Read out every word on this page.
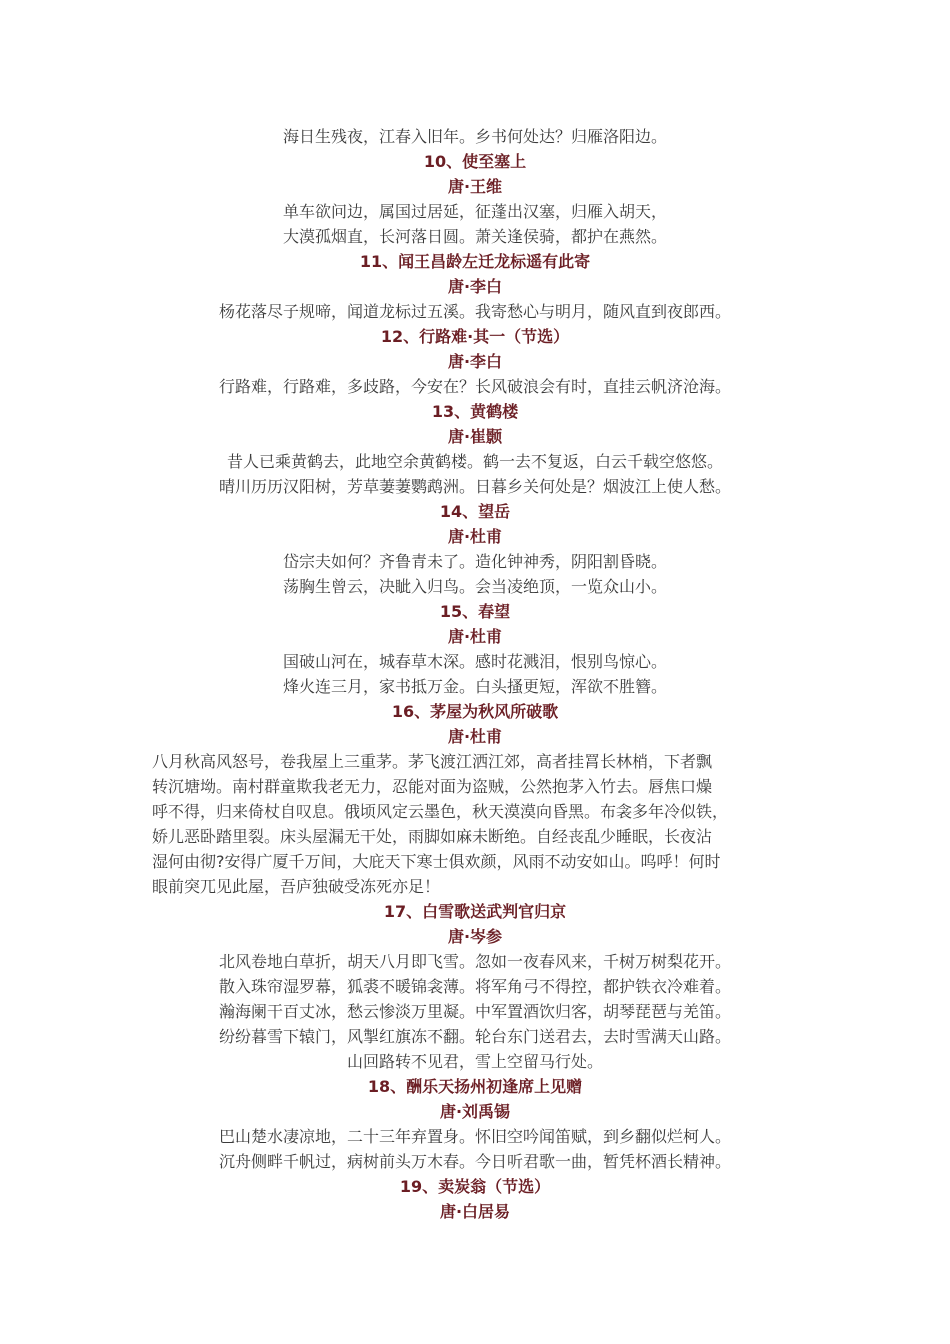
海日生残夜，江春入旧年。乡书何处达？归雁洛阳边。

10、使至塞上

唐·王维

单车欲问边，属国过居延，征蓬出汉塞，归雁入胡天，

大漠孤烟直，长河落日圆。萧关逢侯骑，都护在燕然。

11、闻王昌龄左迁龙标遥有此寄

唐·李白

杨花落尽子规啼，闻道龙标过五溪。我寄愁心与明月，随风直到夜郎西。

12、行路难·其一（节选）

唐·李白

行路难，行路难，多歧路，今安在？长风破浪会有时，直挂云帆济沧海。

13、黄鹤楼

唐·崔颢

昔人已乘黄鹤去，此地空余黄鹤楼。鹤一去不复返，白云千载空悠悠。

晴川历历汉阳树，芳草萋萋鹦鹉洲。日暮乡关何处是？烟波江上使人愁。

14、望岳

唐·杜甫

岱宗夫如何？齐鲁青未了。造化钟神秀，阴阳割昏晓。

荡胸生曾云，决眦入归鸟。会当凌绝顶，一览众山小。

15、春望

唐·杜甫

国破山河在，城春草木深。感时花溅泪，恨别鸟惊心。

烽火连三月，家书抵万金。白头搔更短，浑欲不胜簪。

16、茅屋为秋风所破歌

唐·杜甫

八月秋高风怒号，卷我屋上三重茅。茅飞渡江洒江郊，高者挂罥长林梢，下者飘
转沉塘坳。南村群童欺我老无力，忍能对面为盗贼，公然抱茅入竹去。唇焦口燥
呼不得，归来倚杖自叹息。俄顷风定云墨色，秋天漠漠向昏黑。布衾多年冷似铁，
娇儿恶卧踏里裂。床头屋漏无干处，雨脚如麻未断绝。自经丧乱少睡眠，长夜沾
湿何由彻?安得广厦千万间，大庇天下寒士俱欢颜，风雨不动安如山。呜呼！何时
眼前突兀见此屋，吾庐独破受冻死亦足！

17、白雪歌送武判官归京

唐·岑参

北风卷地白草折，胡天八月即飞雪。忽如一夜春风来，千树万树梨花开。

散入珠帘湿罗幕，狐裘不暖锦衾薄。将军角弓不得控，都护铁衣冷难着。

瀚海阑干百丈冰，愁云惨淡万里凝。中军置酒饮归客，胡琴琵琶与羌笛。

纷纷暮雪下辕门，风掣红旗冻不翻。轮台东门送君去，去时雪满天山路。

山回路转不见君，雪上空留马行处。

18、酬乐天扬州初逢席上见赠

唐·刘禹锡

巴山楚水凄凉地，二十三年弃置身。怀旧空吟闻笛赋，到乡翻似烂柯人。

沉舟侧畔千帆过，病树前头万木春。今日听君歌一曲，暂凭杯酒长精神。

19、卖炭翁（节选）

唐·白居易
